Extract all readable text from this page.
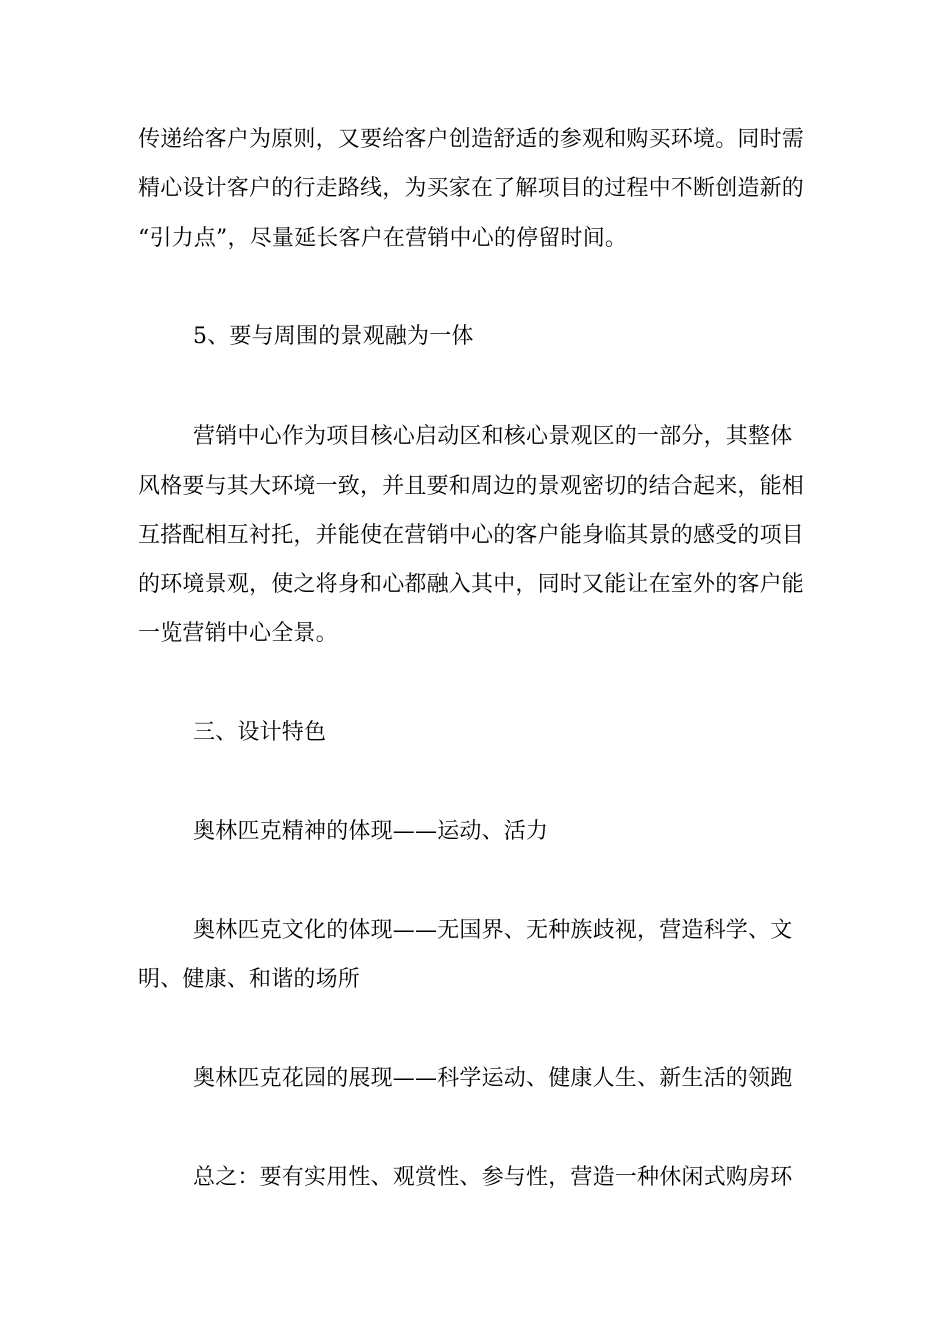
传递给客户为原则，又要给客户创造舒适的参观和购买环境。同时需
精心设计客户的行走路线，为买家在了解项目的过程中不断创造新的
“引力点”，尽量延长客户在营销中心的停留时间。
5、要与周围的景观融为一体
营销中心作为项目核心启动区和核心景观区的一部分，其整体
风格要与其大环境一致，并且要和周边的景观密切的结合起来，能相
互搭配相互衬托，并能使在营销中心的客户能身临其景的感受的项目
的环境景观，使之将身和心都融入其中，同时又能让在室外的客户能
一览营销中心全景。
三、设计特色
奥林匹克精神的体现——运动、活力
奥林匹克文化的体现——无国界、无种族歧视，营造科学、文
明、健康、和谐的场所
奥林匹克花园的展现——科学运动、健康人生、新生活的领跑
总之：要有实用性、观赏性、参与性，营造一种休闲式购房环
